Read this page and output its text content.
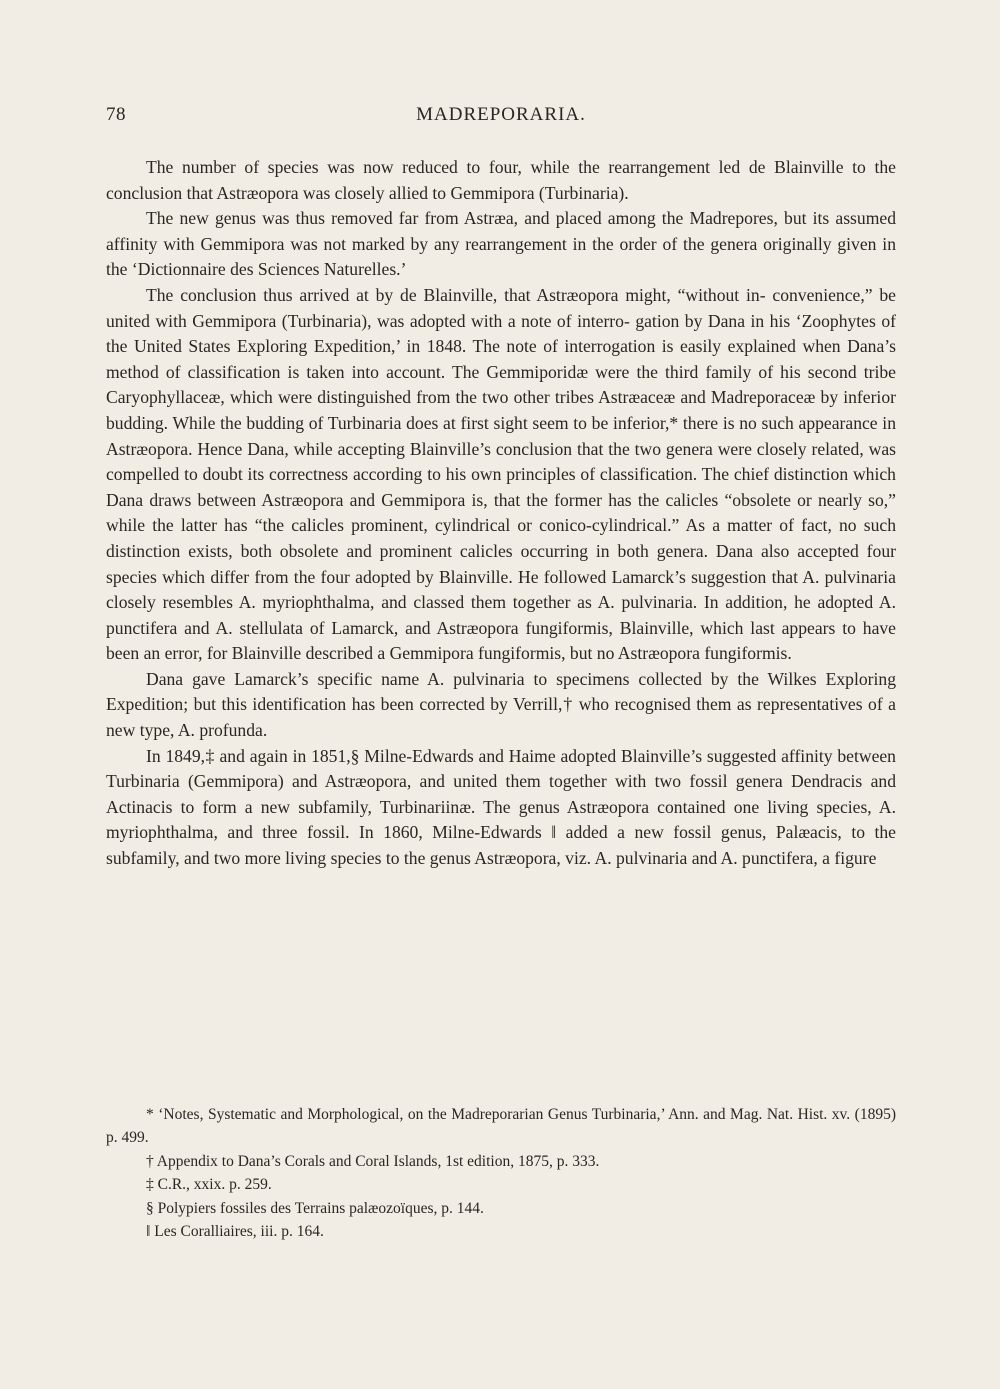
78	MADREPORARIA.

The number of species was now reduced to four, while the rearrangement led de Blainville to the conclusion that Astræopora was closely allied to Gemmipora (Turbinaria).

The new genus was thus removed far from Astræa, and placed among the Madrepores, but its assumed affinity with Gemmipora was not marked by any rearrangement in the order of the genera originally given in the ‘Dictionnaire des Sciences Naturelles.’

The conclusion thus arrived at by de Blainville, that Astræopora might, “without in- convenience,” be united with Gemmipora (Turbinaria), was adopted with a note of interro- gation by Dana in his ‘Zoophytes of the United States Exploring Expedition,’ in 1848. The note of interrogation is easily explained when Dana’s method of classification is taken into account. The Gemmiporidæ were the third family of his second tribe Caryophyllaceæ, which were distinguished from the two other tribes Astræaceæ and Madreporaceæ by inferior budding. While the budding of Turbinaria does at first sight seem to be inferior,* there is no such appearance in Astræopora. Hence Dana, while accepting Blainville’s conclusion that the two genera were closely related, was compelled to doubt its correctness according to his own principles of classification. The chief distinction which Dana draws between Astræopora and Gemmipora is, that the former has the calicles “obsolete or nearly so,” while the latter has “the calicles prominent, cylindrical or conico-cylindrical.” As a matter of fact, no such distinction exists, both obsolete and prominent calicles occurring in both genera. Dana also accepted four species which differ from the four adopted by Blainville. He followed Lamarck’s suggestion that A. pulvinaria closely resembles A. myriophthalma, and classed them together as A. pulvinaria. In addition, he adopted A. punctifera and A. stellulata of Lamarck, and Astræopora fungiformis, Blainville, which last appears to have been an error, for Blainville described a Gemmipora fungiformis, but no Astræopora fungiformis.

Dana gave Lamarck’s specific name A. pulvinaria to specimens collected by the Wilkes Exploring Expedition; but this identification has been corrected by Verrill,† who recognised them as representatives of a new type, A. profunda.

In 1849,‡ and again in 1851,§ Milne-Edwards and Haime adopted Blainville’s suggested affinity between Turbinaria (Gemmipora) and Astræopora, and united them together with two fossil genera Dendracis and Actinacis to form a new subfamily, Turbinariinæ. The genus Astræopora contained one living species, A. myriophthalma, and three fossil. In 1860, Milne-Edwards ‖ added a new fossil genus, Palæacis, to the subfamily, and two more living species to the genus Astræopora, viz. A. pulvinaria and A. punctifera, a figure

* ‘Notes, Systematic and Morphological, on the Madreporarian Genus Turbinaria,’ Ann. and Mag. Nat. Hist. xv. (1895) p. 499.

† Appendix to Dana’s Corals and Coral Islands, 1st edition, 1875, p. 333.

‡ C.R., xxix. p. 259.

§ Polypiers fossiles des Terrains palæozoïques, p. 144.

‖ Les Coralliaires, iii. p. 164.
